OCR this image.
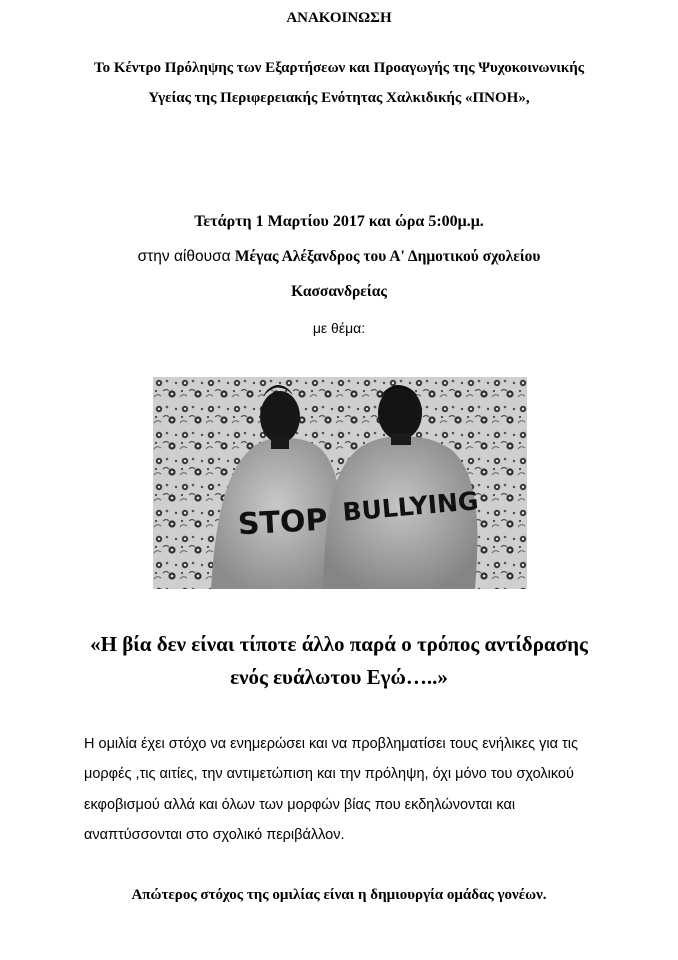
ΑΝΑΚΟΙΝΩΣΗ
Το Κέντρο Πρόληψης των Εξαρτήσεων και Προαγωγής της Ψυχοκοινωνικής
Υγείας της Περιφερειακής Ενότητας Χαλκιδικής «ΠΝΟΗ»,
Τετάρτη 1 Μαρτίου 2017 και ώρα 5:00μ.μ.
στην αίθουσα Μέγας Αλέξανδρος του Α' Δημοτικού σχολείου
Κασσανδρείας
με θέμα:
STOP BULLYING
«Η βία δεν είναι τίποτε άλλο παρά ο τρόπος αντίδρασης
ενός ευάλωτου Εγώ…..»
Η ομιλία έχει στόχο να ενημερώσει και να προβληματίσει τους ενήλικες για τις
μορφές ,τις αιτίες, την αντιμετώπιση και την πρόληψη, όχι μόνο του σχολικού
εκφοβισμού αλλά και όλων των μορφών βίας που εκδηλώνονται και
αναπτύσσονται στο σχολικό περιβάλλον.
Απώτερος στόχος της ομιλίας είναι η δημιουργία ομάδας γονέων.
